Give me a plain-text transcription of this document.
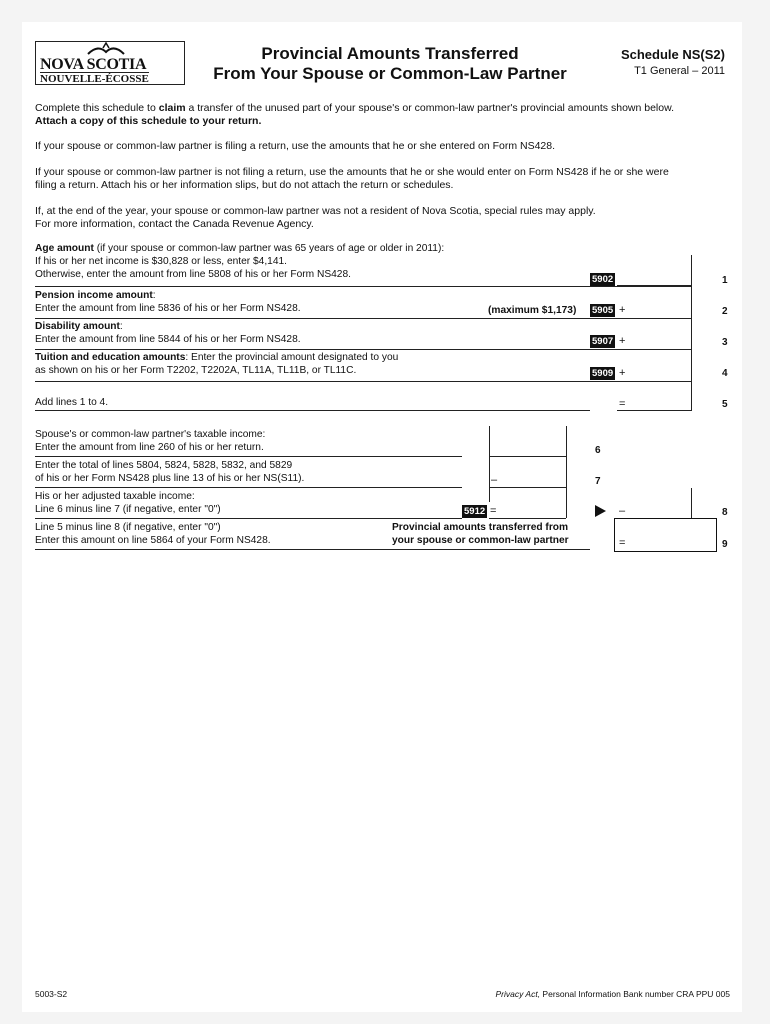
NOVA SCOTIA
NOUVELLE-ÉCOSSE
Provincial Amounts Transferred
From Your Spouse or Common-Law Partner
Schedule NS(S2)
T1 General – 2011
Complete this schedule to claim a transfer of the unused part of your spouse's or common-law partner's provincial amounts shown below.
Attach a copy of this schedule to your return.
If your spouse or common-law partner is filing a return, use the amounts that he or she entered on Form NS428.
If your spouse or common-law partner is not filing a return, use the amounts that he or she would enter on Form NS428 if he or she were
filing a return. Attach his or her information slips, but do not attach the return or schedules.
If, at the end of the year, your spouse or common-law partner was not a resident of Nova Scotia, special rules may apply.
For more information, contact the Canada Revenue Agency.
Age amount (if your spouse or common-law partner was 65 years of age or older in 2011):
If his or her net income is $30,828 or less, enter $4,141.
Otherwise, enter the amount from line 5808 of his or her Form NS428.	5902	1
Pension income amount:
Enter the amount from line 5836 of his or her Form NS428.	(maximum $1,173) 5905 +	2
Disability amount:
Enter the amount from line 5844 of his or her Form NS428.	5907 +	3
Tuition and education amounts: Enter the provincial amount designated to you
as shown on his or her Form T2202, T2202A, TL11A, TL11B, or TL11C.	5909 +	4
Add lines 1 to 4.	=	5
Spouse's or common-law partner's taxable income:
Enter the amount from line 260 of his or her return.	6
Enter the total of lines 5804, 5824, 5828, 5832, and 5829
of his or her Form NS428 plus line 13 of his or her NS(S11).	–	7
His or her adjusted taxable income:
Line 6 minus line 7 (if negative, enter "0")	5912 =	–	8
Line 5 minus line 8 (if negative, enter "0")
Enter this amount on line 5864 of your Form NS428.
Provincial amounts transferred from
your spouse or common-law partner	=	9
5003-S2	Privacy Act, Personal Information Bank number CRA PPU 005
